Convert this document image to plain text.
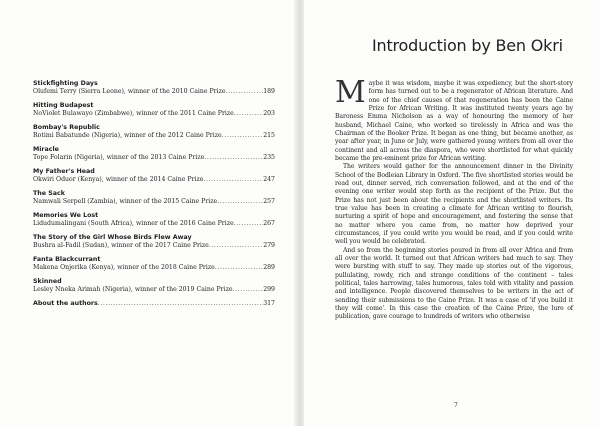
Stickfighting Days
Olufemi Terry (Sierra Leone), winner of the 2010 Caine Prize .....	189
Hitting Budapest
NoViolet Bulawayo (Zimbabwe), winner of the 2011 Caine Prize .....	203
Bombay's Republic
Rotimi Babatunde (Nigeria), winner of the 2012 Caine Prize .....	215
Miracle
Tope Folarin (Nigeria), winner of the 2013 Caine Prize .....	235
My Father's Head
Okwiri Oduor (Kenya), winner of the 2014 Caine Prize .....	247
The Sack
Namwali Serpell (Zambia), winner of the 2015 Caine Prize .....	257
Memories We Lost
Lidudumalingani (South Africa), winner of the 2016 Caine Prize .....	267
The Story of the Girl Whose Birds Flew Away
Bushra al-Fadil (Sudan), winner of the 2017 Caine Prize .....	279
Fanta Blackcurrant
Makena Onjerika (Kenya), winner of the 2018 Caine Prize .....	289
Skinned
Lesley Nneka Arimah (Nigeria), winner of the 2019 Caine Prize .....	299
About the authors .....	317
Introduction by Ben Okri

Maybe it was wisdom, maybe it was expediency, but the short-story form has turned out to be a regenerator of African literature. And one of the chief causes of that regeneration has been the Caine Prize for African Writing. It was instituted twenty years ago by Baroness Emma Nicholson as a way of honouring the memory of her husband, Michael Caine, who worked so tirelessly in Africa and was the Chairman of the Booker Prize. It began as one thing, but became another, as year after year, in June or July, were gathered young writers from all over the continent and all across the diaspora, who were shortlisted for what quickly became the pre-eminent prize for African writing.

The writers would gather for the announcement dinner in the Divinity School of the Bodleian Library in Oxford. The five shortlisted stories would be read out, dinner served, rich conversation followed, and at the end of the evening one writer would step forth as the recipient of the Prize. But the Prize has not just been about the recipients and the shortlisted writers. Its true value has been in creating a climate for African writing to flourish, nurturing a spirit of hope and encouragement, and fostering the sense that no matter where you came from, no matter how deprived your circumstances, if you could write you would be read, and if you could write well you would be celebrated.

And so from the beginning stories poured in from all over Africa and from all over the world. It turned out that African writers had much to say. They were bursting with stuff to say. They made up stories out of the vigorous, pullulating, rowdy, rich and strange conditions of the continent – tales political, tales harrowing, tales humorous, tales told with vitality and passion and intelligence. People discovered themselves to be writers in the act of sending their submissions to the Caine Prize. It was a case of 'if you build it they will come'. In this case the creation of the Caine Prize, the lure of publication, gave courage to hundreds of writers who otherwise

7
